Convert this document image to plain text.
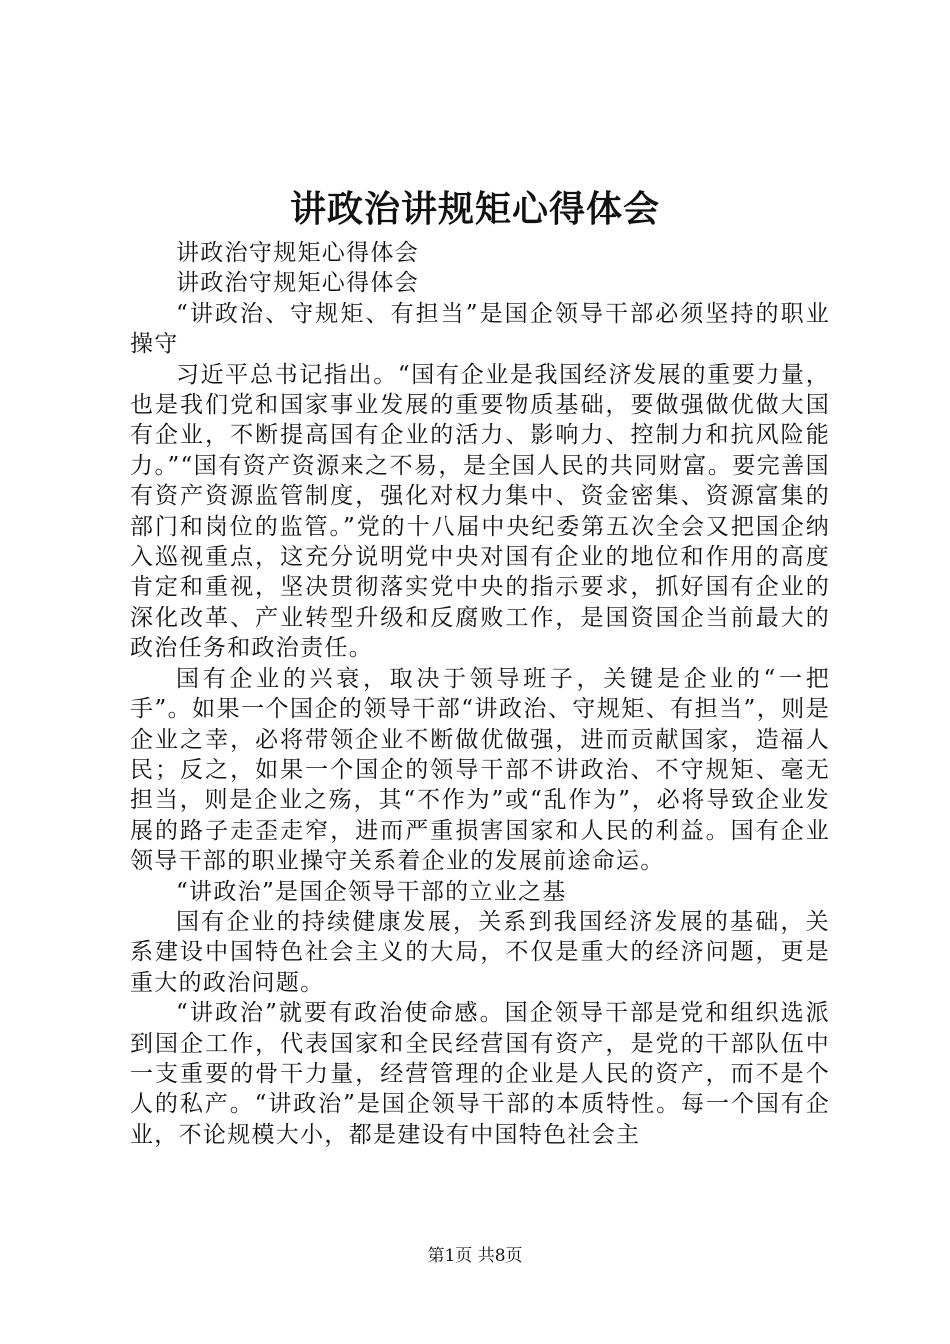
讲政治讲规矩心得体会

讲政治守规矩心得体会

讲政治守规矩心得体会

“讲政治、守规矩、有担当”是国企领导干部必须坚持的职业操守

习近平总书记指出。“国有企业是我国经济发展的重要力量，也是我们党和国家事业发展的重要物质基础，要做强做优做大国有企业，不断提高国有企业的活力、影响力、控制力和抗风险能力。”“国有资产资源来之不易，是全国人民的共同财富。要完善国有资产资源监管制度，强化对权力集中、资金密集、资源富集的部门和岗位的监管。”党的十八届中央纪委第五次全会又把国企纳入巡视重点，这充分说明党中央对国有企业的地位和作用的高度肯定和重视，坚决贯彻落实党中央的指示要求，抓好国有企业的深化改革、产业转型升级和反腐败工作，是国资国企当前最大的政治任务和政治责任。

国有企业的兴衰，取决于领导班子，关键是企业的“一把手”。如果一个国企的领导干部“讲政治、守规矩、有担当”，则是企业之幸，必将带领企业不断做优做强，进而贡献国家，造福人民；反之，如果一个国企的领导干部不讲政治、不守规矩、毫无担当，则是企业之殇，其“不作为”或“乱作为”，必将导致企业发展的路子走歪走窄，进而严重损害国家和人民的利益。国有企业领导干部的职业操守关系着企业的发展前途命运。

“讲政治”是国企领导干部的立业之基

国有企业的持续健康发展，关系到我国经济发展的基础，关系建设中国特色社会主义的大局，不仅是重大的经济问题，更是重大的政治问题。

“讲政治”就要有政治使命感。国企领导干部是党和组织选派到国企工作，代表国家和全民经营国有资产，是党的干部队伍中一支重要的骨干力量，经营管理的企业是人民的资产，而不是个人的私产。“讲政治”是国企领导干部的本质特性。每一个国有企业，不论规模大小，都是建设有中国特色社会主

第1页 共8页
